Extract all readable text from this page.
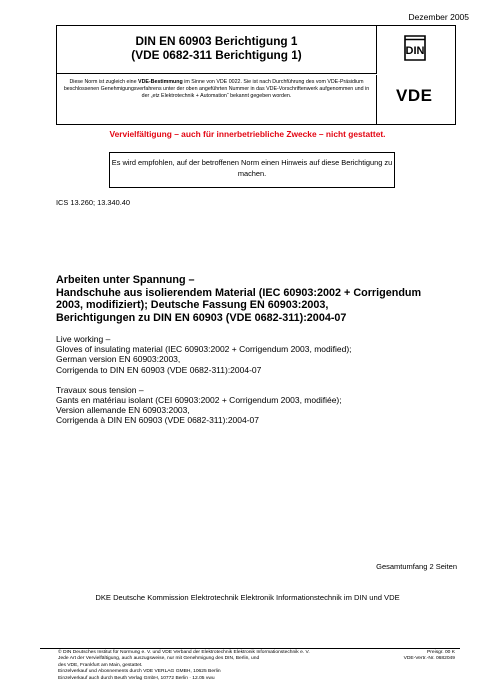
Dezember 2005
DIN EN 60903 Berichtigung 1
(VDE 0682-311 Berichtigung 1)
Diese Norm ist zugleich eine VDE-Bestimmung im Sinne von VDE 0022. Sie ist nach Durchführung des vom VDE-Präsidium beschlossenen Genehmigungsverfahrens unter der oben angeführten Nummer in das VDE-Vorschriftenwerk aufgenommen und in der „etz Elektrotechnik + Automation“ bekannt gegeben worden.
DIN
VDE
Vervielfältigung – auch für innerbetriebliche Zwecke – nicht gestattet.
Es wird empfohlen, auf der betroffenen Norm einen Hinweis auf diese Berichtigung zu machen.
ICS 13.260; 13.340.40
Arbeiten unter Spannung –
Handschuhe aus isolierendem Material (IEC 60903:2002 + Corrigendum
2003, modifiziert); Deutsche Fassung EN 60903:2003,
Berichtigungen zu DIN EN 60903 (VDE 0682-311):2004-07
Live working –
Gloves of insulating material (IEC 60903:2002 + Corrigendum 2003, modified);
German version EN 60903:2003,
Corrigenda to DIN EN 60903 (VDE 0682-311):2004-07
Travaux sous tension –
Gants en matériau isolant (CEI 60903:2002 + Corrigendum 2003, modifiée);
Version allemande EN 60903:2003,
Corrigenda à DIN EN 60903 (VDE 0682-311):2004-07
Gesamtumfang 2 Seiten
DKE Deutsche Kommission Elektrotechnik Elektronik Informationstechnik im DIN und VDE
© DIN Deutsches Institut für Normung e. V. und VDE Verband der Elektrotechnik Elektronik Informationstechnik e. V.
Jede Art der Vervielfältigung, auch auszugsweise, nur mit Genehmigung des DIN, Berlin, und
des VDE, Frankfurt am Main, gestattet.
Einzelverkauf und Abonnements durch VDE VERLAG GMBH, 10625 Berlin
Einzelverkauf auch durch Beuth Verlag GmbH, 10772 Berlin · 12.05 vwu
Preisgr. 00 K
VDE-Vertr.-Nr. 0682049
